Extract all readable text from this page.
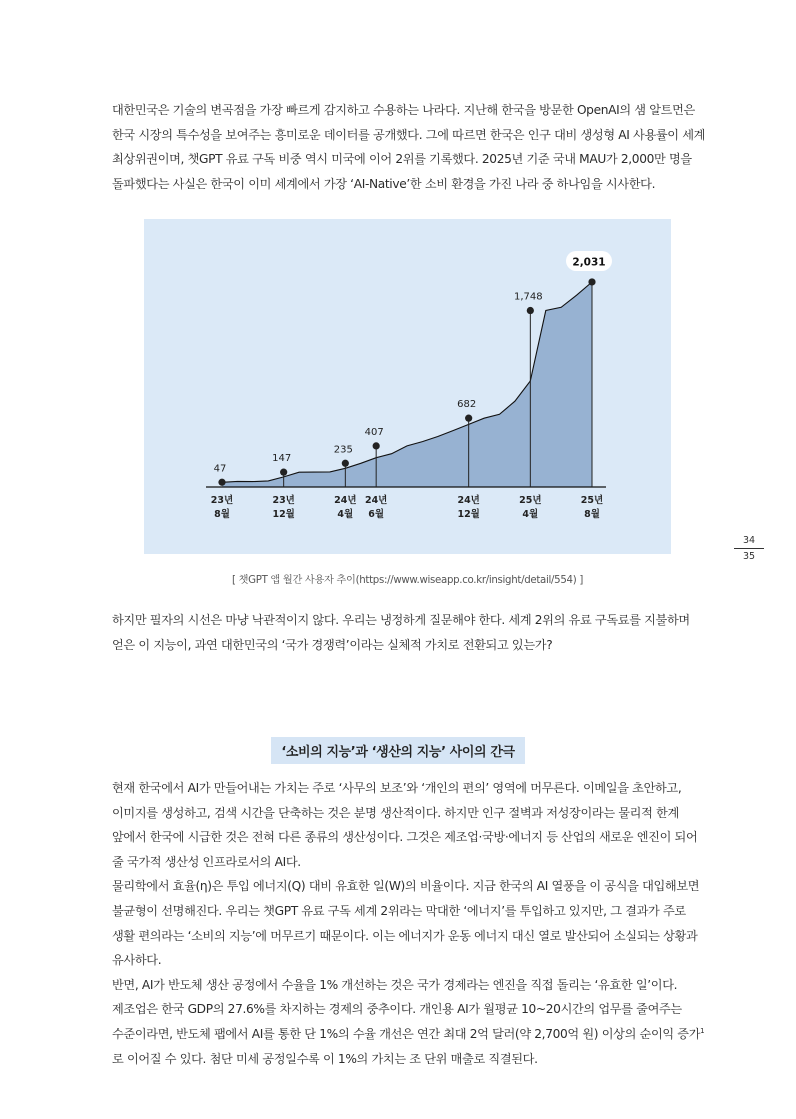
대한민국은 기술의 변곡점을 가장 빠르게 감지하고 수용하는 나라다. 지난해 한국을 방문한 OpenAI의 샘 알트먼은
한국 시장의 특수성을 보여주는 흥미로운 데이터를 공개했다. 그에 따르면 한국은 인구 대비 생성형 AI 사용률이 세계
최상위권이며, 챗GPT 유료 구독 비중 역시 미국에 이어 2위를 기록했다. 2025년 기준 국내 MAU가 2,000만 명을
돌파했다는 사실은 한국이 이미 세계에서 가장 ‘AI-Native’한 소비 환경을 가진 나라 중 하나임을 시사한다.
47
23년
8월
147
23년
12월
235
24년
4월
407
24년
6월
682
24년
12월
1,748
25년
4월
2,031
25년
8월
[ 챗GPT 앱 월간 사용자 추이(https://www.wiseapp.co.kr/insight/detail/554) ]
34
35
하지만 필자의 시선은 마냥 낙관적이지 않다. 우리는 냉정하게 질문해야 한다. 세계 2위의 유료 구독료를 지불하며
얻은 이 지능이, 과연 대한민국의 ‘국가 경쟁력’이라는 실체적 가치로 전환되고 있는가?
‘소비의 지능’과 ‘생산의 지능’ 사이의 간극
현재 한국에서 AI가 만들어내는 가치는 주로 ‘사무의 보조’와 ‘개인의 편의’ 영역에 머무른다. 이메일을 초안하고,
이미지를 생성하고, 검색 시간을 단축하는 것은 분명 생산적이다. 하지만 인구 절벽과 저성장이라는 물리적 한계
앞에서 한국에 시급한 것은 전혀 다른 종류의 생산성이다. 그것은 제조업·국방·에너지 등 산업의 새로운 엔진이 되어
줄 국가적 생산성 인프라로서의 AI다.
물리학에서 효율(η)은 투입 에너지(Q) 대비 유효한 일(W)의 비율이다. 지금 한국의 AI 열풍을 이 공식을 대입해보면
불균형이 선명해진다. 우리는 챗GPT 유료 구독 세계 2위라는 막대한 ‘에너지’를 투입하고 있지만, 그 결과가 주로
생활 편의라는 ‘소비의 지능’에 머무르기 때문이다. 이는 에너지가 운동 에너지 대신 열로 발산되어 소실되는 상황과
유사하다.
반면, AI가 반도체 생산 공정에서 수율을 1% 개선하는 것은 국가 경제라는 엔진을 직접 돌리는 ‘유효한 일’이다.
제조업은 한국 GDP의 27.6%를 차지하는 경제의 중추이다. 개인용 AI가 월평균 10~20시간의 업무를 줄여주는
수준이라면, 반도체 팹에서 AI를 통한 단 1%의 수율 개선은 연간 최대 2억 달러(약 2,700억 원) 이상의 순이익 증가$^1$
로 이어질 수 있다. 첨단 미세 공정일수록 이 1%의 가치는 조 단위 매출로 직결된다.
